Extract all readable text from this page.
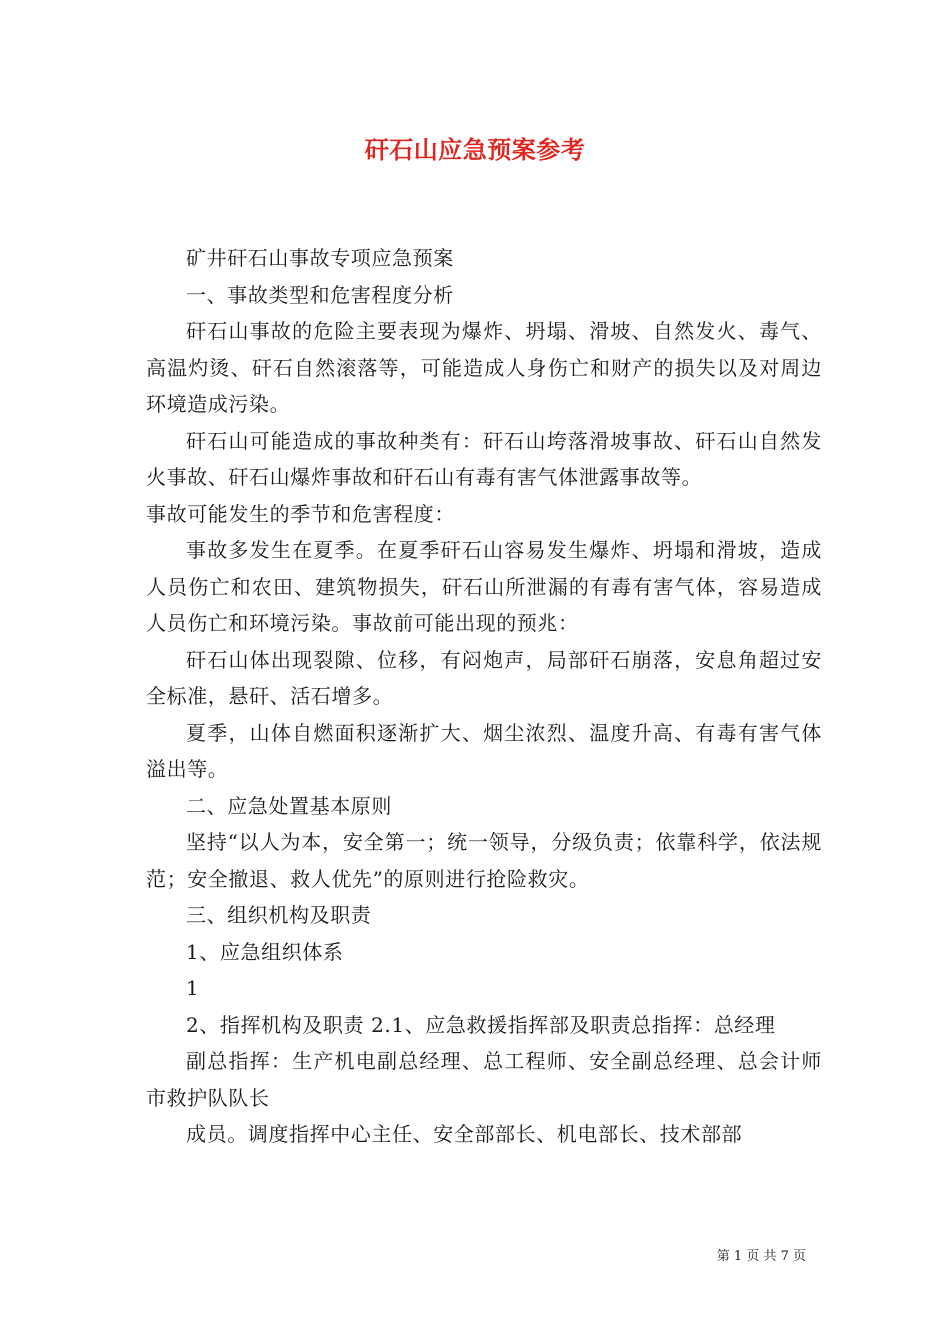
矸石山应急预案参考

矿井矸石山事故专项应急预案

一、事故类型和危害程度分析

矸石山事故的危险主要表现为爆炸、坍塌、滑坡、自然发火、毒气、高温灼烫、矸石自然滚落等，可能造成人身伤亡和财产的损失以及对周边环境造成污染。

矸石山可能造成的事故种类有：矸石山垮落滑坡事故、矸石山自然发火事故、矸石山爆炸事故和矸石山有毒有害气体泄露事故等。

事故可能发生的季节和危害程度：

事故多发生在夏季。在夏季矸石山容易发生爆炸、坍塌和滑坡，造成人员伤亡和农田、建筑物损失，矸石山所泄漏的有毒有害气体，容易造成人员伤亡和环境污染。事故前可能出现的预兆：

矸石山体出现裂隙、位移，有闷炮声，局部矸石崩落，安息角超过安全标准，悬矸、活石增多。

夏季，山体自燃面积逐渐扩大、烟尘浓烈、温度升高、有毒有害气体溢出等。

二、应急处置基本原则

坚持“以人为本，安全第一；统一领导，分级负责；依靠科学，依法规范；安全撤退、救人优先”的原则进行抢险救灾。

三、组织机构及职责

1、应急组织体系

1

2、指挥机构及职责 2.1、应急救援指挥部及职责总指挥：总经理

副总指挥：生产机电副总经理、总工程师、安全副总经理、总会计师市救护队队长

成员。调度指挥中心主任、安全部部长、机电部长、技术部部

第 1 页 共 7 页
